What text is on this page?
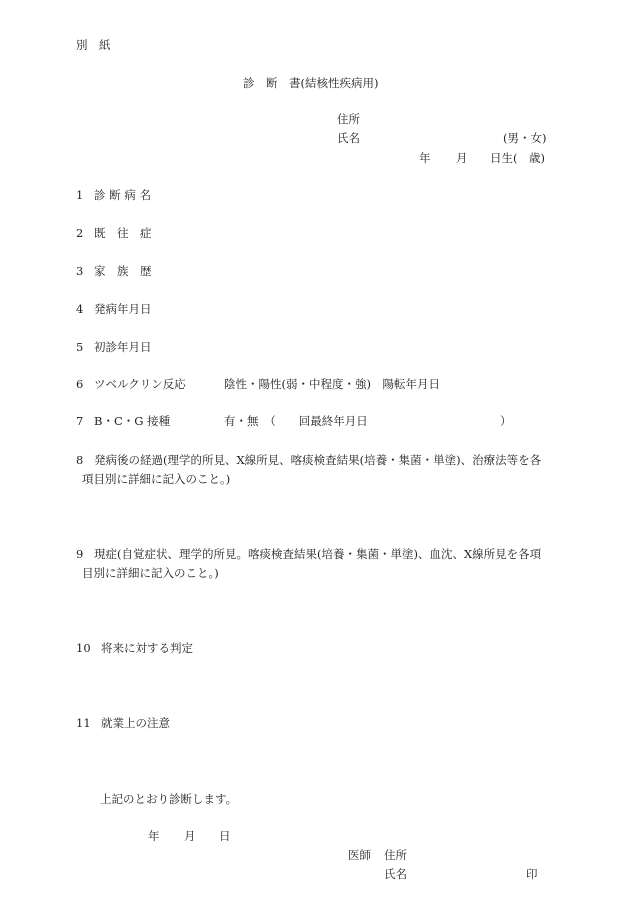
別　紙
診　断　書(結核性疾病用)
住所
氏名	(男・女)
年 月 日生(　歳)
1 診 断 病 名
2 既　往　症
3 家　族　歴
4 発病年月日
5 初診年月日
6 ツベルクリン反応	陰性・陽性(弱・中程度・強)　陽転年月日
7 B・C・G 接種	有・無　（　　回最終年月日	）
8 発病後の経過(理学的所見、X線所見、喀痰検査結果(培養・集菌・単塗)、治療法等を各
項目別に詳細に記入のこと。)
9 現症(自覚症状、理学的所見。喀痰検査結果(培養・集菌・単塗)、血沈、X線所見を各項
目別に詳細に記入のこと。)
10 将来に対する判定
11 就業上の注意
上記のとおり診断します。
年 月 日
医師 住所
氏名	印
